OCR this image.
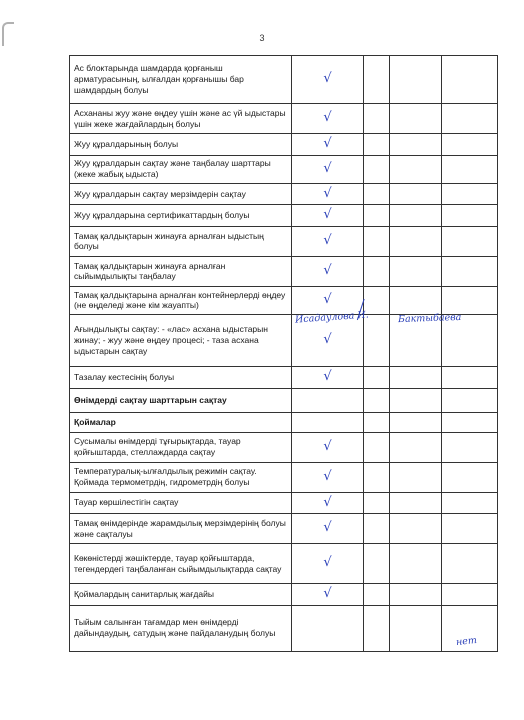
3
Ас блоктарында шамдарда қорғаныш арматурасының, ылғалдан қорғанышы бар шамдардың болуы	√			
Асхананы жуу және өңдеу үшін және ас үй ыдыстары үшін жеке жағдайлардың болуы	√			
Жуу құралдарының болуы	√			
Жуу құралдарын сақтау және таңбалау шарттары (жеке жабық ыдыста)	√			
Жуу құралдарын сақтау мерзімдерін сақтау	√			
Жуу құралдарына сертификаттардың болуы	√			
Тамақ қалдықтарын жинауға арналған ыдыстың болуы	√			
Тамақ қалдықтарын жинауға арналған сыйымдылықты таңбалау	√			
Тамақ қалдықтарына арналған контейнерлерді өңдеу (не өңделеді және кім жауапты)	√			
Ағындылықты сақтау: - «лас» асхана ыдыстарын жинау; - жуу және өңдеу процесі; - таза асхана ыдыстарын сақтау	√			
Тазалау кестесінің болуы	√			
Өнімдерді сақтау шарттарын сақтау				
Қоймалар				
Сусымалы өнімдерді тұғырықтарда, тауар қойғыштарда, стеллаждарда сақтау	√			
Температуралық-ылғалдылық режимін сақтау. Қоймада термометрдің, гидрометрдің болуы	√			
Тауар көршілестігін сақтау	√			
Тамақ өнімдерінде жарамдылық мерзімдерінің болуы және сақталуы	√			
Көкөністерді жәшіктерде, тауар қойғыштарда, тегендердегі таңбаланған сыйымдылықтарда сақтау	√			
Қоймалардың санитарлық жағдайы	√			
Тыйым салынған тағамдар мен өнімдерді дайындаудың, сатудың және пайдаланудың болуы				
Исадаулова И.	Бактыбаева
нет
